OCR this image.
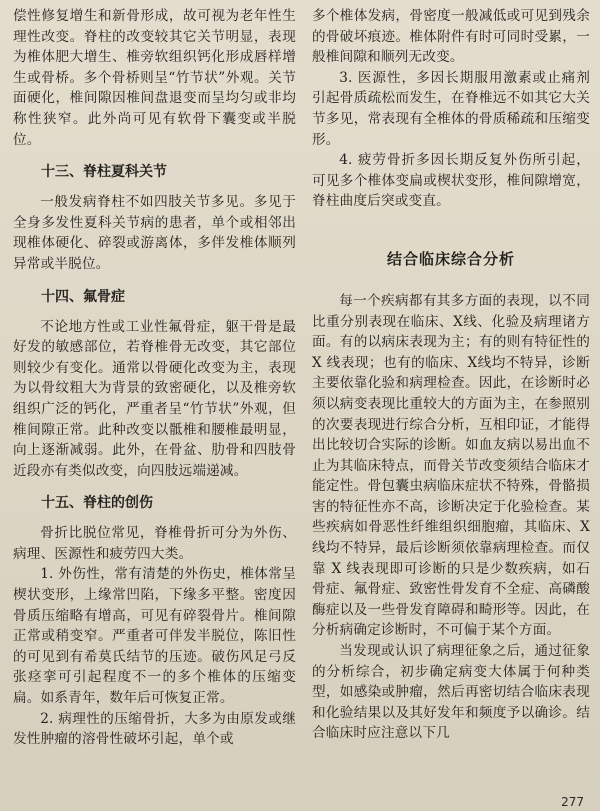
偿性修复增生和新骨形成，故可视为老年性生理性改变。脊柱的改变较其它关节明显，表现为椎体肥大增生、椎旁软组织钙化形成唇样增生或骨桥。多个骨桥则呈“竹节状”外观。关节面硬化，椎间隙因椎间盘退变而呈均匀或非均称性狭窄。此外尚可见有软骨下囊变或半脱位。

十三、脊柱夏科关节

一般发病脊柱不如四肢关节多见。多见于全身多发性夏科关节病的患者，单个或相邻出现椎体硬化、碎裂或游离体，多伴发椎体顺列异常或半脱位。

十四、氟骨症

不论地方性或工业性氟骨症，躯干骨是最好发的敏感部位，若脊椎骨无改变，其它部位则较少有变化。通常以骨硬化改变为主，表现为以骨纹粗大为背景的致密硬化，以及椎旁软组织广泛的钙化，严重者呈“竹节状”外观，但椎间隙正常。此种改变以骶椎和腰椎最明显，向上逐渐减弱。此外，在骨盆、肋骨和四肢骨近段亦有类似改变，向四肢远端递减。

十五、脊柱的创伤

骨折比脱位常见，脊椎骨折可分为外伤、病理、医源性和疲劳四大类。

1. 外伤性，常有清楚的外伤史，椎体常呈楔状变形，上缘常凹陷，下缘多平整。密度因骨质压缩略有增高，可见有碎裂骨片。椎间隙正常或稍变窄。严重者可伴发半脱位，陈旧性的可见到有希莫氏结节的压迹。破伤风足弓反张痉挛可引起程度不一的多个椎体的压缩变扁。如系青年，数年后可恢复正常。

2. 病理性的压缩骨折，大多为由原发或继发性肿瘤的溶骨性破坏引起，单个或

多个椎体发病，骨密度一般减低或可见到残余的骨破坏痕迹。椎体附件有时可同时受累，一般椎间隙和顺列无改变。

3. 医源性，多因长期服用激素或止痛剂引起骨质疏松而发生，在脊椎远不如其它大关节多见，常表现有全椎体的骨质稀疏和压缩变形。

4. 疲劳骨折多因长期反复外伤所引起，可见多个椎体变扁或楔状变形，椎间隙增宽，脊柱曲度后突或变直。

结合临床综合分析

每一个疾病都有其多方面的表现，以不同比重分别表现在临床、X线、化验及病理诸方面。有的以病床表现为主；有的则有特征性的 X 线表现；也有的临床、X线均不特异，诊断主要依靠化验和病理检查。因此，在诊断时必须以病变表现比重较大的方面为主，在参照别的次要表现进行综合分析，互相印证，才能得出比较切合实际的诊断。如血友病以易出血不止为其临床特点，而骨关节改变须结合临床才能定性。骨包囊虫病临床症状不特殊，骨骼损害的特征性亦不高，诊断决定于化验检查。某些疾病如骨恶性纤维组织细胞瘤，其临床、X 线均不特异，最后诊断须依靠病理检查。而仅靠 X 线表现即可诊断的只是少数疾病，如石骨症、氟骨症、致密性骨发育不全症、高磷酸酶症以及一些骨发育障碍和畸形等。因此，在分析病确定诊断时，不可偏于某个方面。

当发现或认识了病理征象之后，通过征象的分析综合，初步确定病变大体属于何种类型，如感染或肿瘤，然后再密切结合临床表现和化验结果以及其好发年和频度予以确诊。结合临床时应注意以下几

277
